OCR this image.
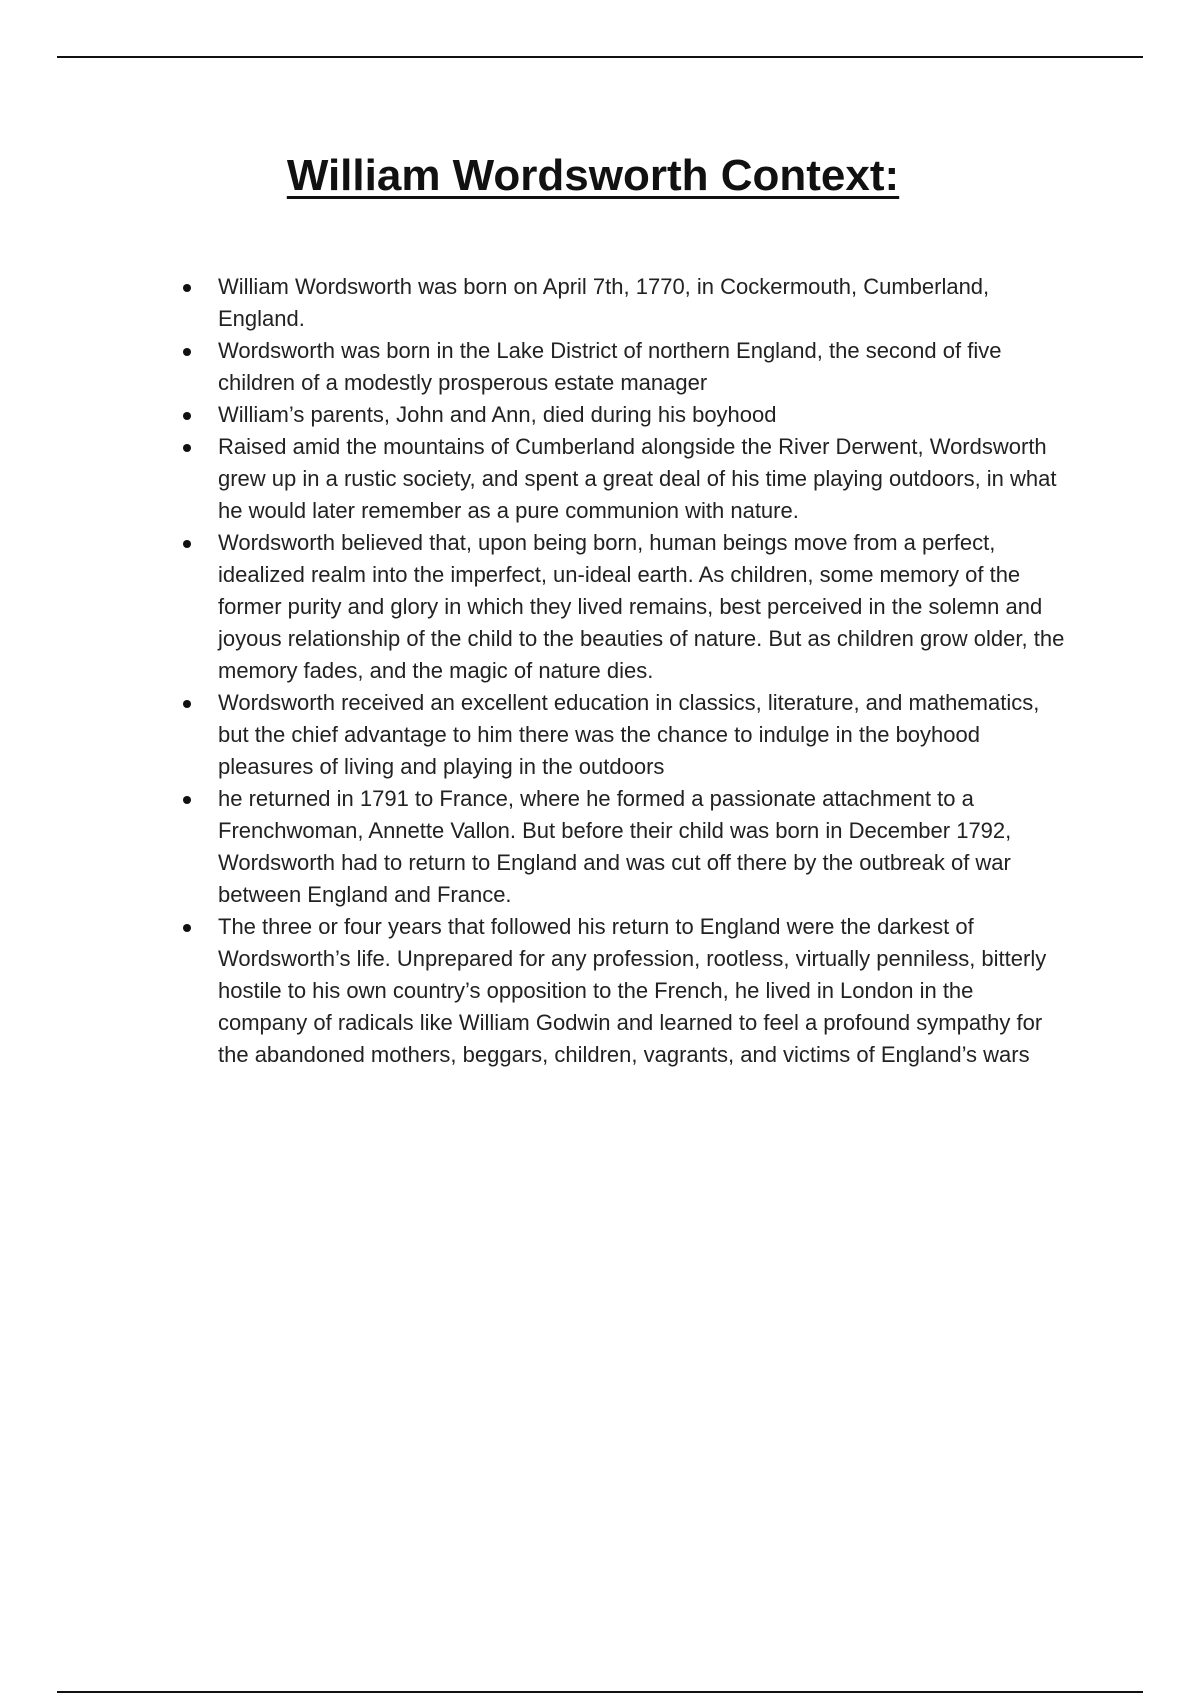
William Wordsworth Context:
William Wordsworth was born on April 7th, 1770, in Cockermouth, Cumberland, England.
Wordsworth was born in the Lake District of northern England, the second of five children of a modestly prosperous estate manager
William’s parents, John and Ann, died during his boyhood
Raised amid the mountains of Cumberland alongside the River Derwent, Wordsworth grew up in a rustic society, and spent a great deal of his time playing outdoors, in what he would later remember as a pure communion with nature.
Wordsworth believed that, upon being born, human beings move from a perfect, idealized realm into the imperfect, un-ideal earth. As children, some memory of the former purity and glory in which they lived remains, best perceived in the solemn and joyous relationship of the child to the beauties of nature. But as children grow older, the memory fades, and the magic of nature dies.
Wordsworth received an excellent education in classics, literature, and mathematics, but the chief advantage to him there was the chance to indulge in the boyhood pleasures of living and playing in the outdoors
he returned in 1791 to France, where he formed a passionate attachment to a Frenchwoman, Annette Vallon. But before their child was born in December 1792, Wordsworth had to return to England and was cut off there by the outbreak of war between England and France.
The three or four years that followed his return to England were the darkest of Wordsworth’s life. Unprepared for any profession, rootless, virtually penniless, bitterly hostile to his own country’s opposition to the French, he lived in London in the company of radicals like William Godwin and learned to feel a profound sympathy for the abandoned mothers, beggars, children, vagrants, and victims of England’s wars
